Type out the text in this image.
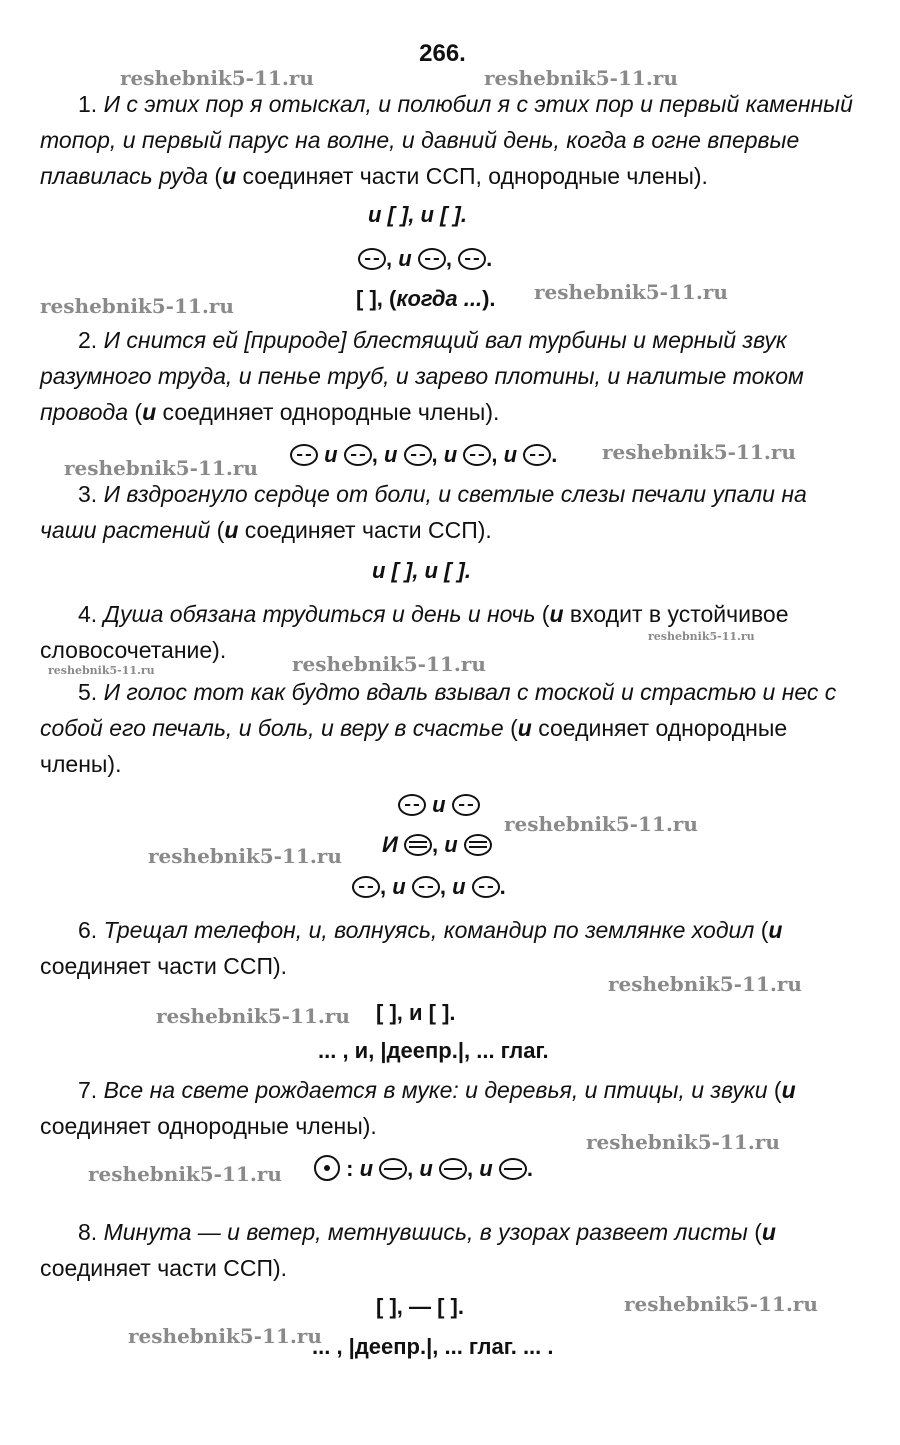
266.
reshebnik5-11.ru	reshebnik5-11.ru
reshebnik5-11.ru
reshebnik5-11.ru
reshebnik5-11.ru
reshebnik5-11.ru
reshebnik5-11.ru
reshebnik5-11.ru	reshebnik5-11.ru
reshebnik5-11.ru
reshebnik5-11.ru
reshebnik5-11.ru
reshebnik5-11.ru
reshebnik5-11.ru
reshebnik5-11.ru
reshebnik5-11.ru
reshebnik5-11.ru
1. И с этих пор я отыскал, и полюбил я с этих пор и первый каменный топор, и первый парус на волне, и давний день, когда в огне впервые плавилась руда (и соединяет части ССП, однородные члены).
и [ ], и [ ].
, и , .
[ ], (когда ...).
2. И снится ей [природе] блестящий вал турбины и мерный звук разумного труда, и пенье труб, и зарево плотины, и налитые током провода (и соединяет однородные члены).
и , и , и , и .
3. И вздрогнуло сердце от боли, и светлые слезы печали упали на чаши растений (и соединяет части ССП).
и [ ], и [ ].
4. Душа обязана трудиться и день и ночь (и входит в устойчивое словосочетание).
5. И голос тот как будто вдаль взывал с тоской и страстью и нес с собой его печаль, и боль, и веру в счастье (и соединяет однородные члены).
и
И , и
, и , и .
6. Трещал телефон, и, волнуясь, командир по землянке ходил (и соединяет части ССП).
[ ], и [ ].
... , и, |деепр.|, ... глаг.
7. Все на свете рождается в муке: и деревья, и птицы, и звуки (и соединяет однородные члены).
: и , и , и .
8. Минута — и ветер, метнувшись, в узорах развеет листы (и соединяет части ССП).
[ ], — [ ].
... , |деепр.|, ... глаг. ... .
